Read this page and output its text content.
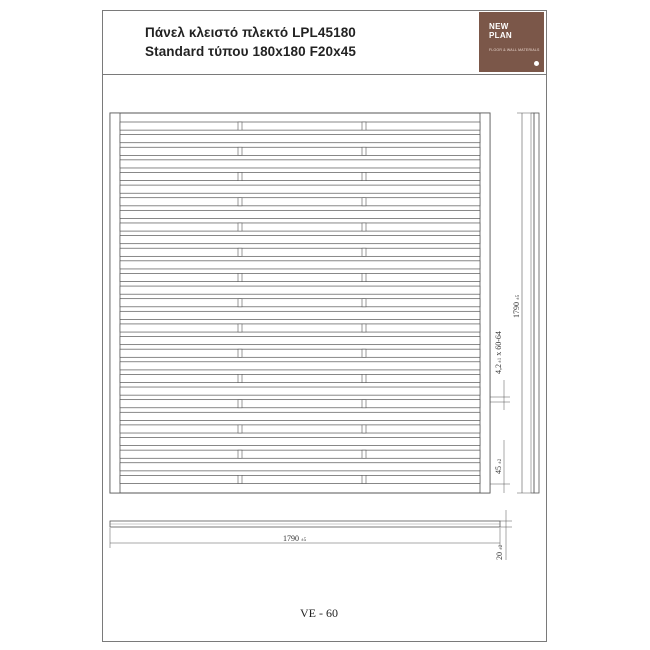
Πάνελ κλειστό πλεκτό LPL45180
Standard τύπου 180x180 F20x45
NEW
PLAN
FLOOR & WALL MATERIALS
1790±5
4,2±1x 60-64
45±2
1790 ±5
20±2
VE - 60
